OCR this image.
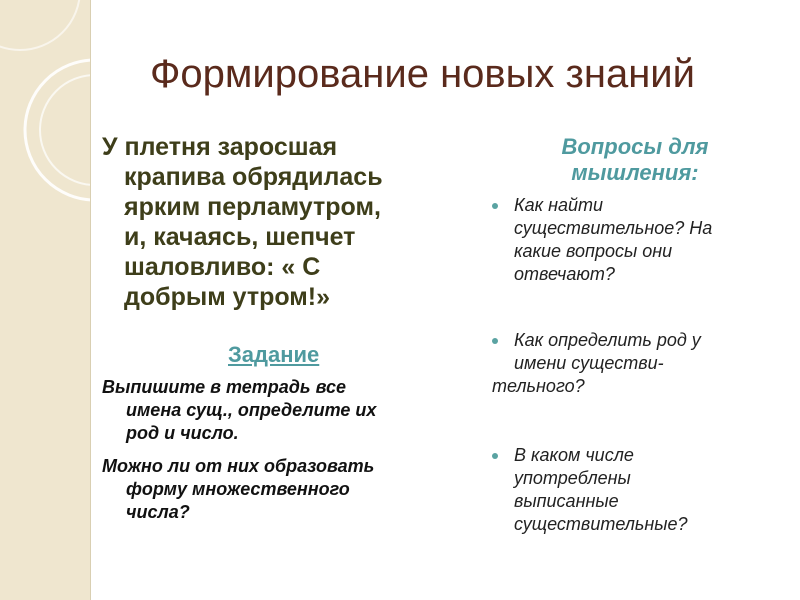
Формирование новых знаний
У плетня заросшая
крапива обрядилась
ярким перламутром,
и, качаясь, шепчет
шаловливо: « С
добрым утром!»
Задание
Выпишите в тетрадь все
имена сущ., определите их
род и число.
Можно ли от них образовать
форму множественного
числа?
Вопросы для
мышления:
Как найти
существительное? На
какие вопросы они
отвечают?
Как определить род у
имени существи-
тельного?
В каком числе
употреблены
выписанные
существительные?
